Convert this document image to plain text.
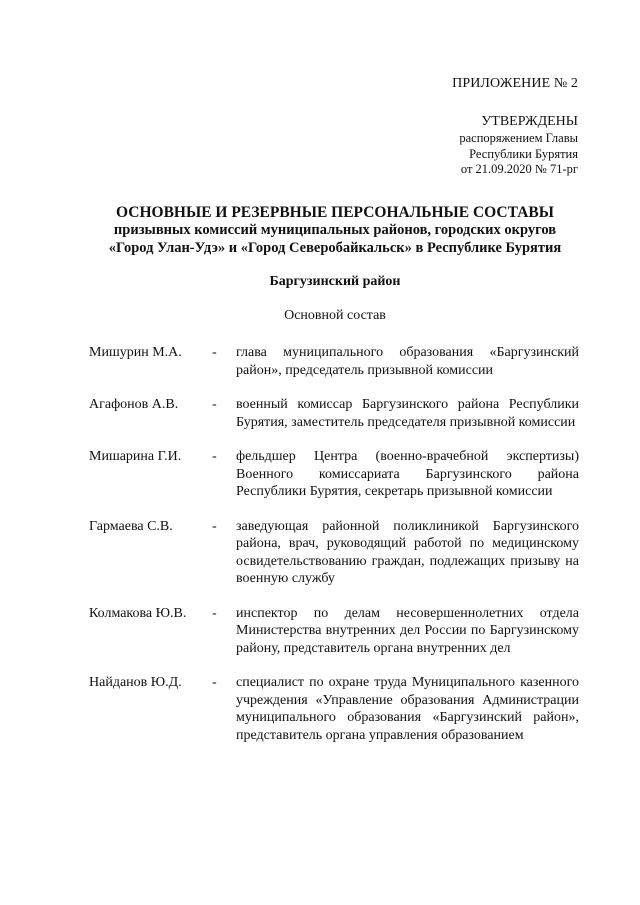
ПРИЛОЖЕНИЕ № 2
УТВЕРЖДЕНЫ
распоряжением Главы
Республики Бурятия
от 21.09.2020 № 71-рг
ОСНОВНЫЕ И РЕЗЕРВНЫЕ ПЕРСОНАЛЬНЫЕ СОСТАВЫ
призывных комиссий муниципальных районов, городских округов
«Город Улан-Удэ» и «Город Северобайкальск» в Республике Бурятия
Баргузинский район
Основной состав
Мишурин М.А. - глава муниципального образования «Баргузинский район», председатель призывной комиссии
Агафонов А.В. - военный комиссар Баргузинского района Республики Бурятия, заместитель председателя призывной комиссии
Мишарина Г.И. - фельдшер Центра (военно-врачебной экспертизы) Военного комиссариата Баргузинского района Республики Бурятия, секретарь призывной комиссии
Гармаева С.В.	- заведующая районной поликлиникой Баргузинского района, врач, руководящий работой по медицинскому освидетельствованию граждан, подлежащих призыву на военную службу
Колмакова Ю.В. - инспектор по делам несовершеннолетних отдела Министерства внутренних дел России по Баргузинскому району, представитель органа внутренних дел
Найданов Ю.Д. - специалист по охране труда Муниципального казенного учреждения «Управление образования Администрации муниципального образования «Баргузинский район», представитель органа управления образованием
